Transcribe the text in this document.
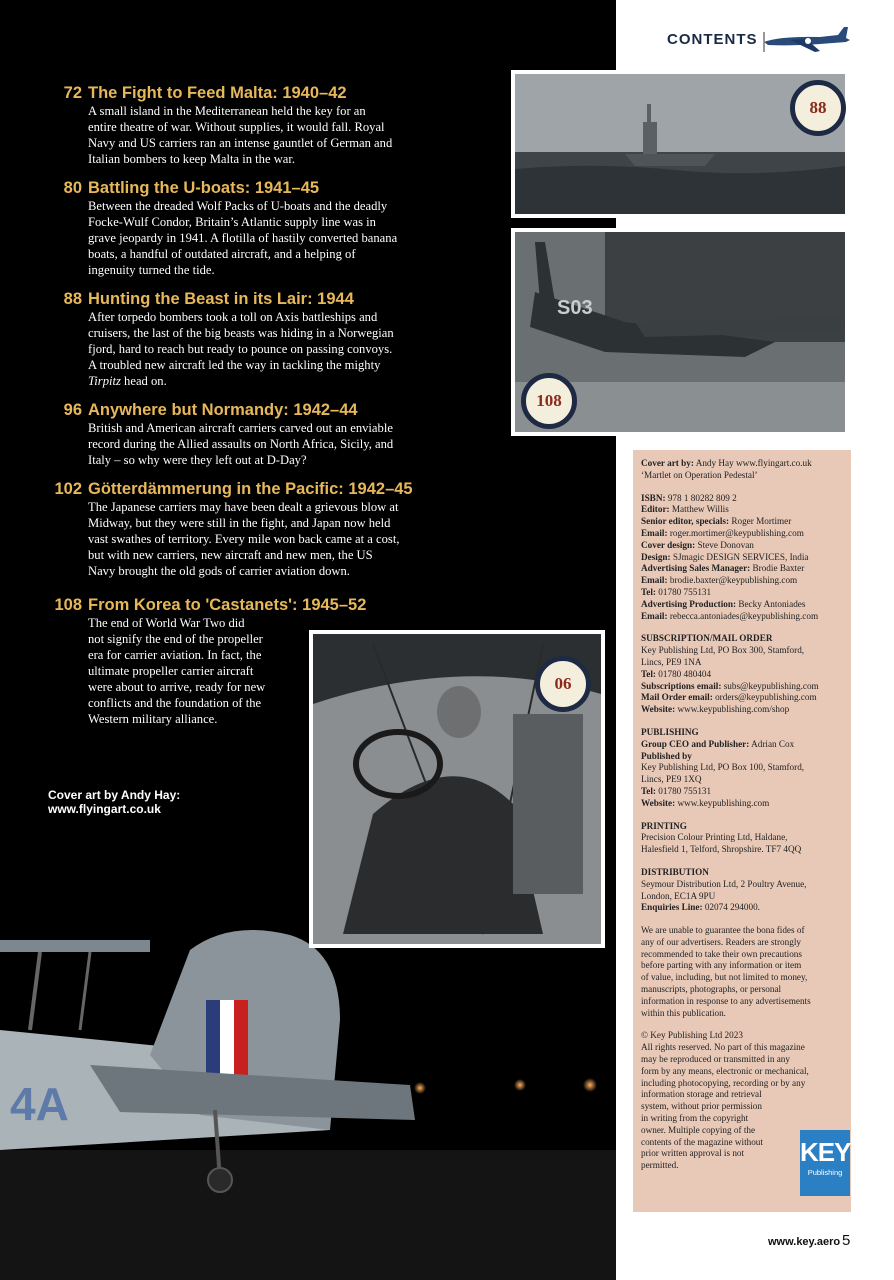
4A
72 The Fight to Feed Malta: 1940–42
A small island in the Mediterranean held the key for an
entire theatre of war. Without supplies, it would fall. Royal
Navy and US carriers ran an intense gauntlet of German and
Italian bombers to keep Malta in the war.
80 Battling the U-boats: 1941–45
Between the dreaded Wolf Packs of U-boats and the deadly
Focke-Wulf Condor, Britain’s Atlantic supply line was in
grave jeopardy in 1941. A flotilla of hastily converted banana
boats, a handful of outdated aircraft, and a helping of
ingenuity turned the tide.
88 Hunting the Beast in its Lair: 1944
After torpedo bombers took a toll on Axis battleships and
cruisers, the last of the big beasts was hiding in a Norwegian
fjord, hard to reach but ready to pounce on passing convoys.
A troubled new aircraft led the way in tackling the mighty
Tirpitz head on.
96 Anywhere but Normandy: 1942–44
British and American aircraft carriers carved out an enviable
record during the Allied assaults on North Africa, Sicily, and
Italy – so why were they left out at D-Day?
102 Götterdämmerung in the Pacific: 1942–45
The Japanese carriers may have been dealt a grievous blow at
Midway, but they were still in the fight, and Japan now held
vast swathes of territory. Every mile won back came at a cost,
but with new carriers, new aircraft and new men, the US
Navy brought the old gods of carrier aviation down.
108 From Korea to 'Castanets': 1945–52
The end of World War Two did
not signify the end of the propeller
era for carrier aviation. In fact, the
ultimate propeller carrier aircraft
were about to arrive, ready for new
conflicts and the foundation of the
Western military alliance.
Cover art by Andy Hay:
www.flyingart.co.uk
CONTENTS
88
S03
108
06

Cover art by: Andy Hay www.flyingart.co.uk
‘Martlet on Operation Pedestal’

ISBN: 978 1 80282 809 2
Editor: Matthew Willis
Senior editor, specials: Roger Mortimer
Email: roger.mortimer@keypublishing.com
Cover design: Steve Donovan
Design: SJmagic DESIGN SERVICES, India
Advertising Sales Manager: Brodie Baxter
Email: brodie.baxter@keypublishing.com
Tel: 01780 755131
Advertising Production: Becky Antoniades
Email: rebecca.antoniades@keypublishing.com

SUBSCRIPTION/MAIL ORDER
Key Publishing Ltd, PO Box 300, Stamford,
Lincs, PE9 1NA
Tel: 01780 480404
Subscriptions email: subs@keypublishing.com
Mail Order email: orders@keypublishing.com
Website: www.keypublishing.com/shop

PUBLISHING
Group CEO and Publisher: Adrian Cox
Published by
Key Publishing Ltd, PO Box 100, Stamford,
Lincs, PE9 1XQ
Tel: 01780 755131
Website: www.keypublishing.com

PRINTING
Precision Colour Printing Ltd, Haldane,
Halesfield 1, Telford, Shropshire. TF7 4QQ

DISTRIBUTION
Seymour Distribution Ltd, 2 Poultry Avenue,
London, EC1A 9PU
Enquiries Line: 02074 294000.

We are unable to guarantee the bona fides of
any of our advertisers. Readers are strongly
recommended to take their own precautions
before parting with any information or item
of value, including, but not limited to money,
manuscripts, photographs, or personal
information in response to any advertisements
within this publication.

© Key Publishing Ltd 2023
All rights reserved. No part of this magazine
may be reproduced or transmitted in any
form by any means, electronic or mechanical,
including photocopying, recording or by any
information storage and retrieval
system, without prior permission
in writing from the copyright
owner. Multiple copying of the
contents of the magazine without
prior written approval is not
permitted.	KEY
Publishing
www.key.aero 5
